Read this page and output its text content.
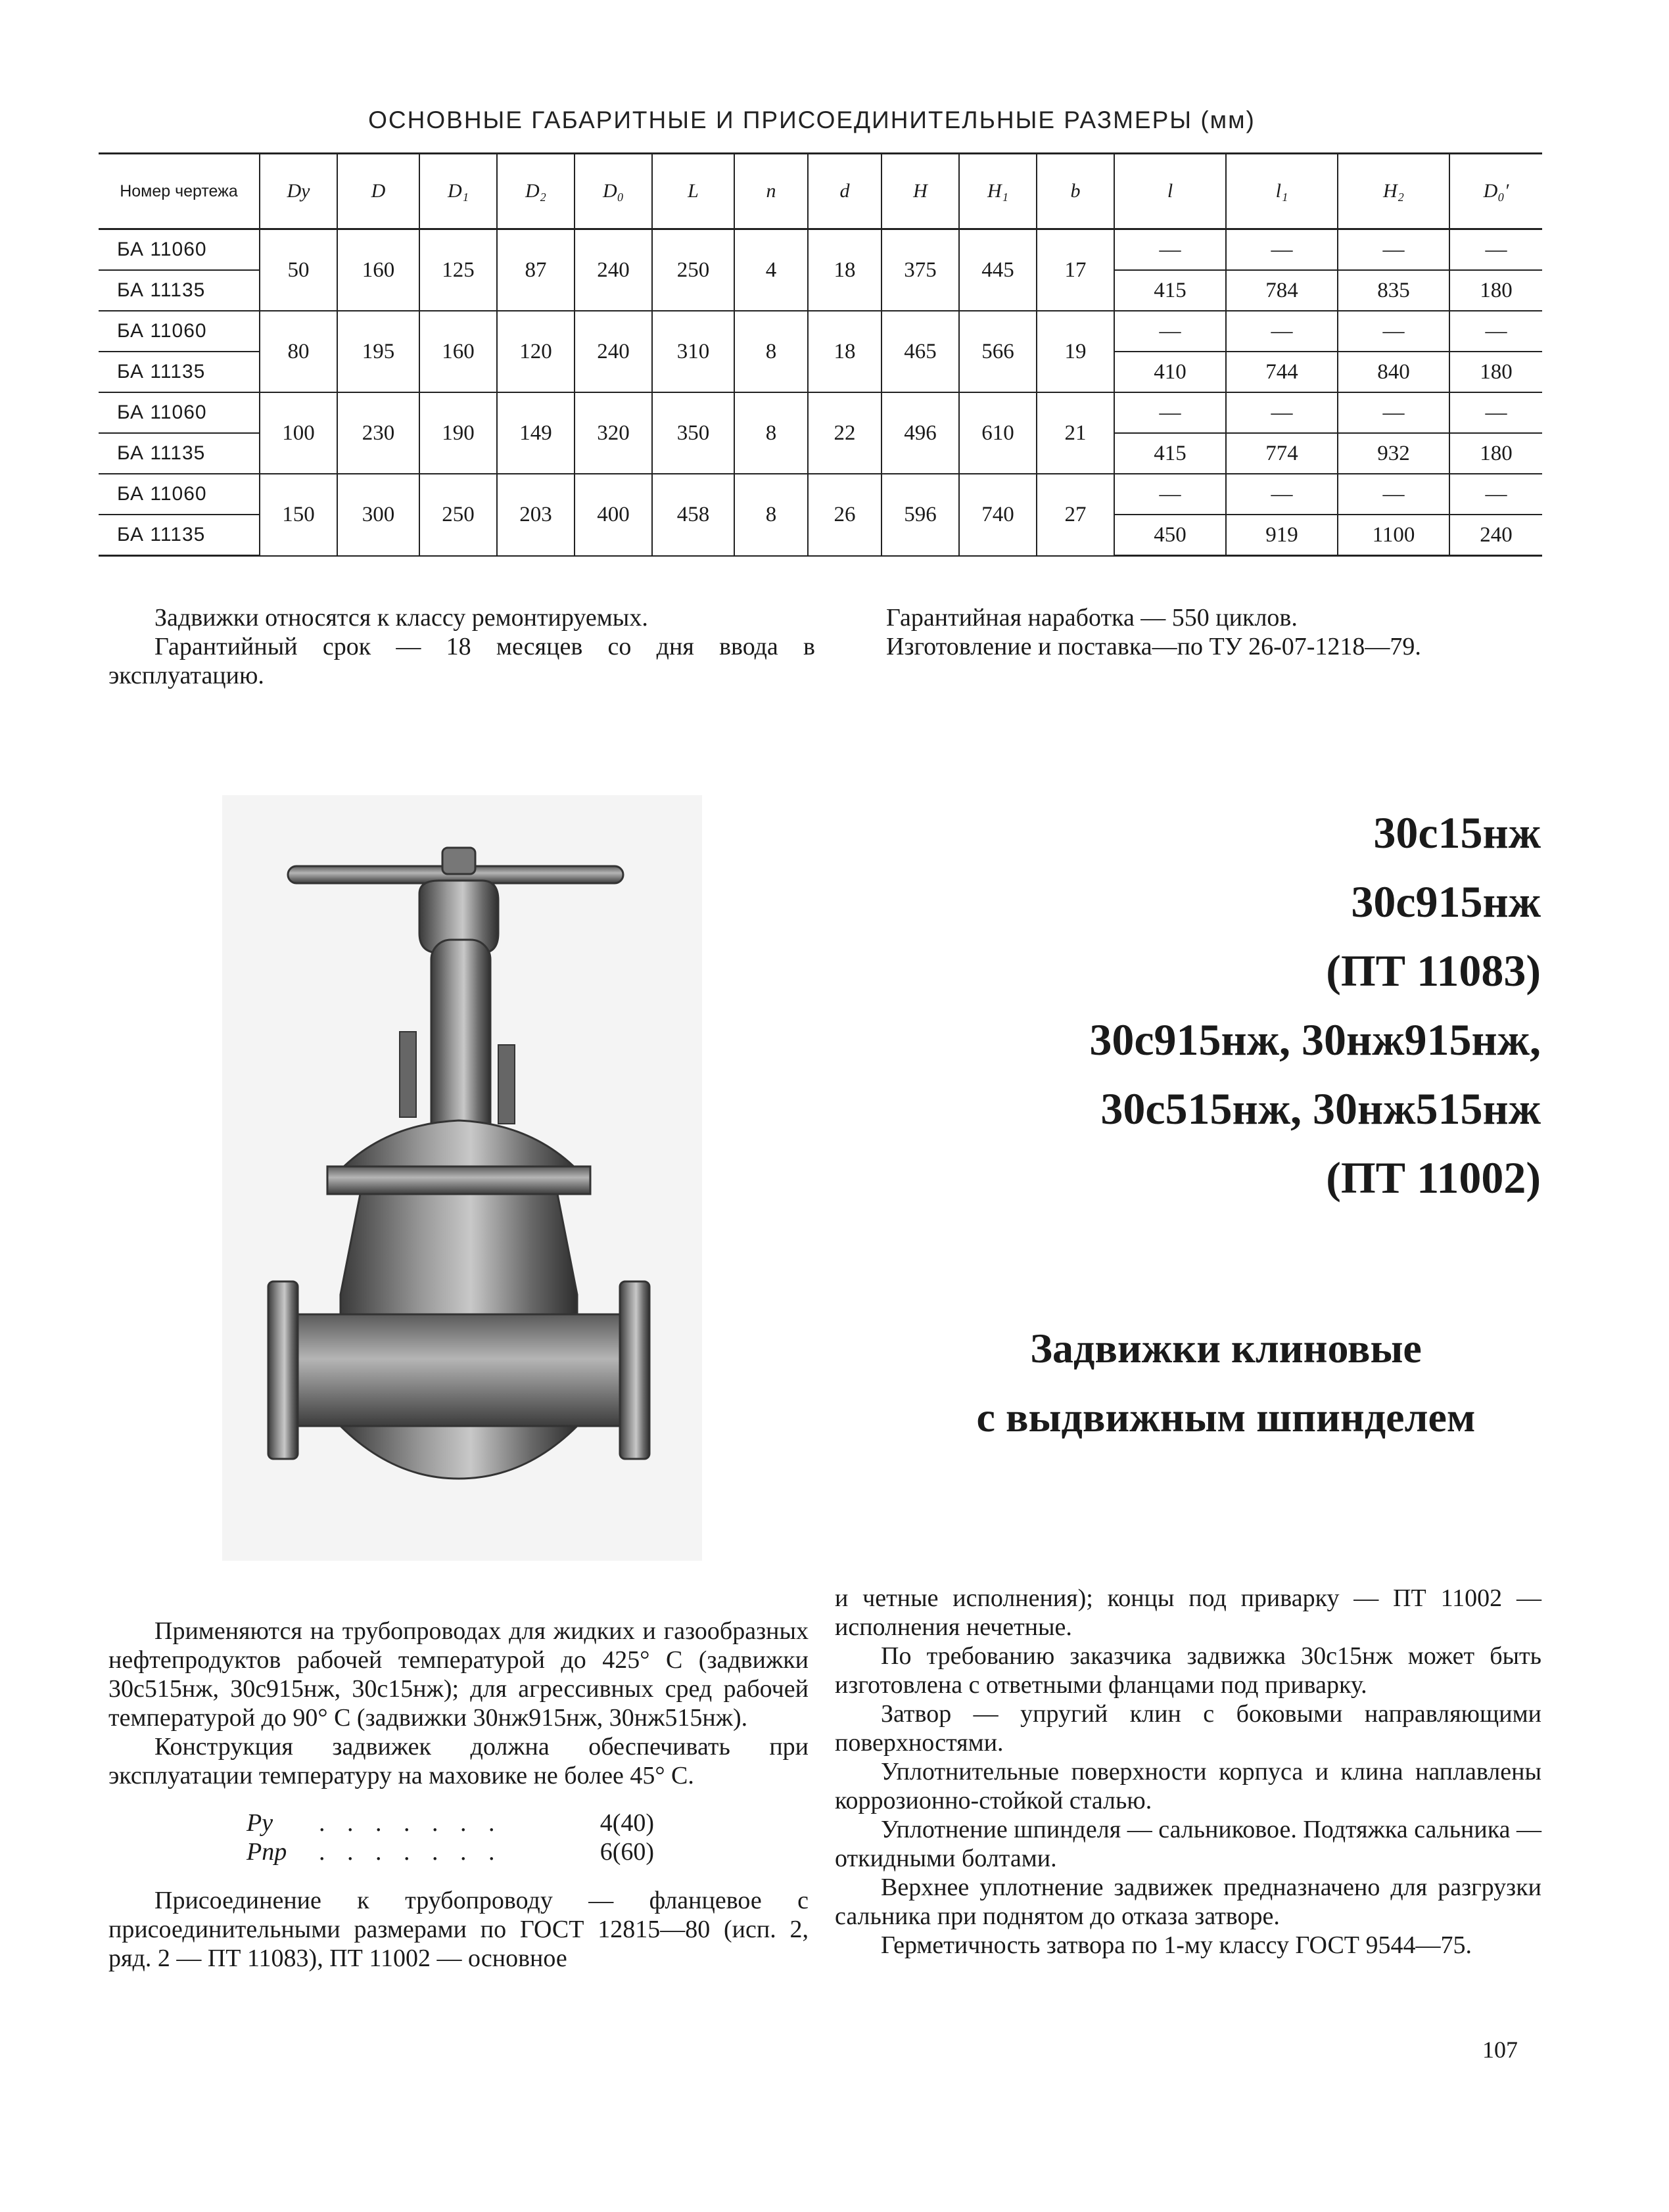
ОСНОВНЫЕ ГАБАРИТНЫЕ И ПРИСОЕДИНИТЕЛЬНЫЕ РАЗМЕРЫ (мм)
Номер чертежа	Dу	D	D₁	D₂	D₀	L	n	d	H	H₁	b	l	l₁	H₂	D₀′
БА 11060	50	160	125	87	240	250	4	18	375	445	17	—	—	—	—
БА 11135												415	784	835	180
БА 11060	80	195	160	120	240	310	8	18	465	566	19	—	—	—	—
БА 11135												410	744	840	180
БА 11060	100	230	190	149	320	350	8	22	496	610	21	—	—	—	—
БА 11135												415	774	932	180
БА 11060	150	300	250	203	400	458	8	26	596	740	27	—	—	—	—
БА 11135												450	919	1100	240
Задвижки относятся к классу ремонтируемых.
Гарантийный срок — 18 месяцев со дня ввода в эксплуатацию.
Гарантийная наработка — 550 циклов.
Изготовление и поставка—по ТУ 26-07-1218—79.
30с15нж
30с915нж
(ПТ 11083)
30с915нж, 30нж915нж,
30с515нж, 30нж515нж
(ПТ 11002)
Задвижки клиновые
с выдвижным шпинделем
Применяются на трубопроводах для жидких и газообразных нефтепродуктов рабочей температурой до 425° С (задвижки 30с515нж, 30с915нж, 30с15нж); для агрессивных сред рабочей температурой до 90° С (задвижки 30нж915нж, 30нж515нж).
Конструкция задвижек должна обеспечивать при эксплуатации температуру на маховике не более 45° С.
Pу	. . . . . . .	4(40)
Pпр	. . . . . . .	6(60)
Присоединение к трубопроводу — фланцевое с присоединительными размерами по ГОСТ 12815—80 (исп. 2, ряд. 2 — ПТ 11083), ПТ 11002 — основное
и четные исполнения); концы под приварку — ПТ 11002 — исполнения нечетные.
По требованию заказчика задвижка 30с15нж может быть изготовлена с ответными фланцами под приварку.
Затвор — упругий клин с боковыми направляющими поверхностями.
Уплотнительные поверхности корпуса и клина наплавлены коррозионно-стойкой сталью.
Уплотнение шпинделя — сальниковое. Подтяжка сальника — откидными болтами.
Верхнее уплотнение задвижек предназначено для разгрузки сальника при поднятом до отказа затворе.
Герметичность затвора по 1-му классу ГОСТ 9544—75.
107
